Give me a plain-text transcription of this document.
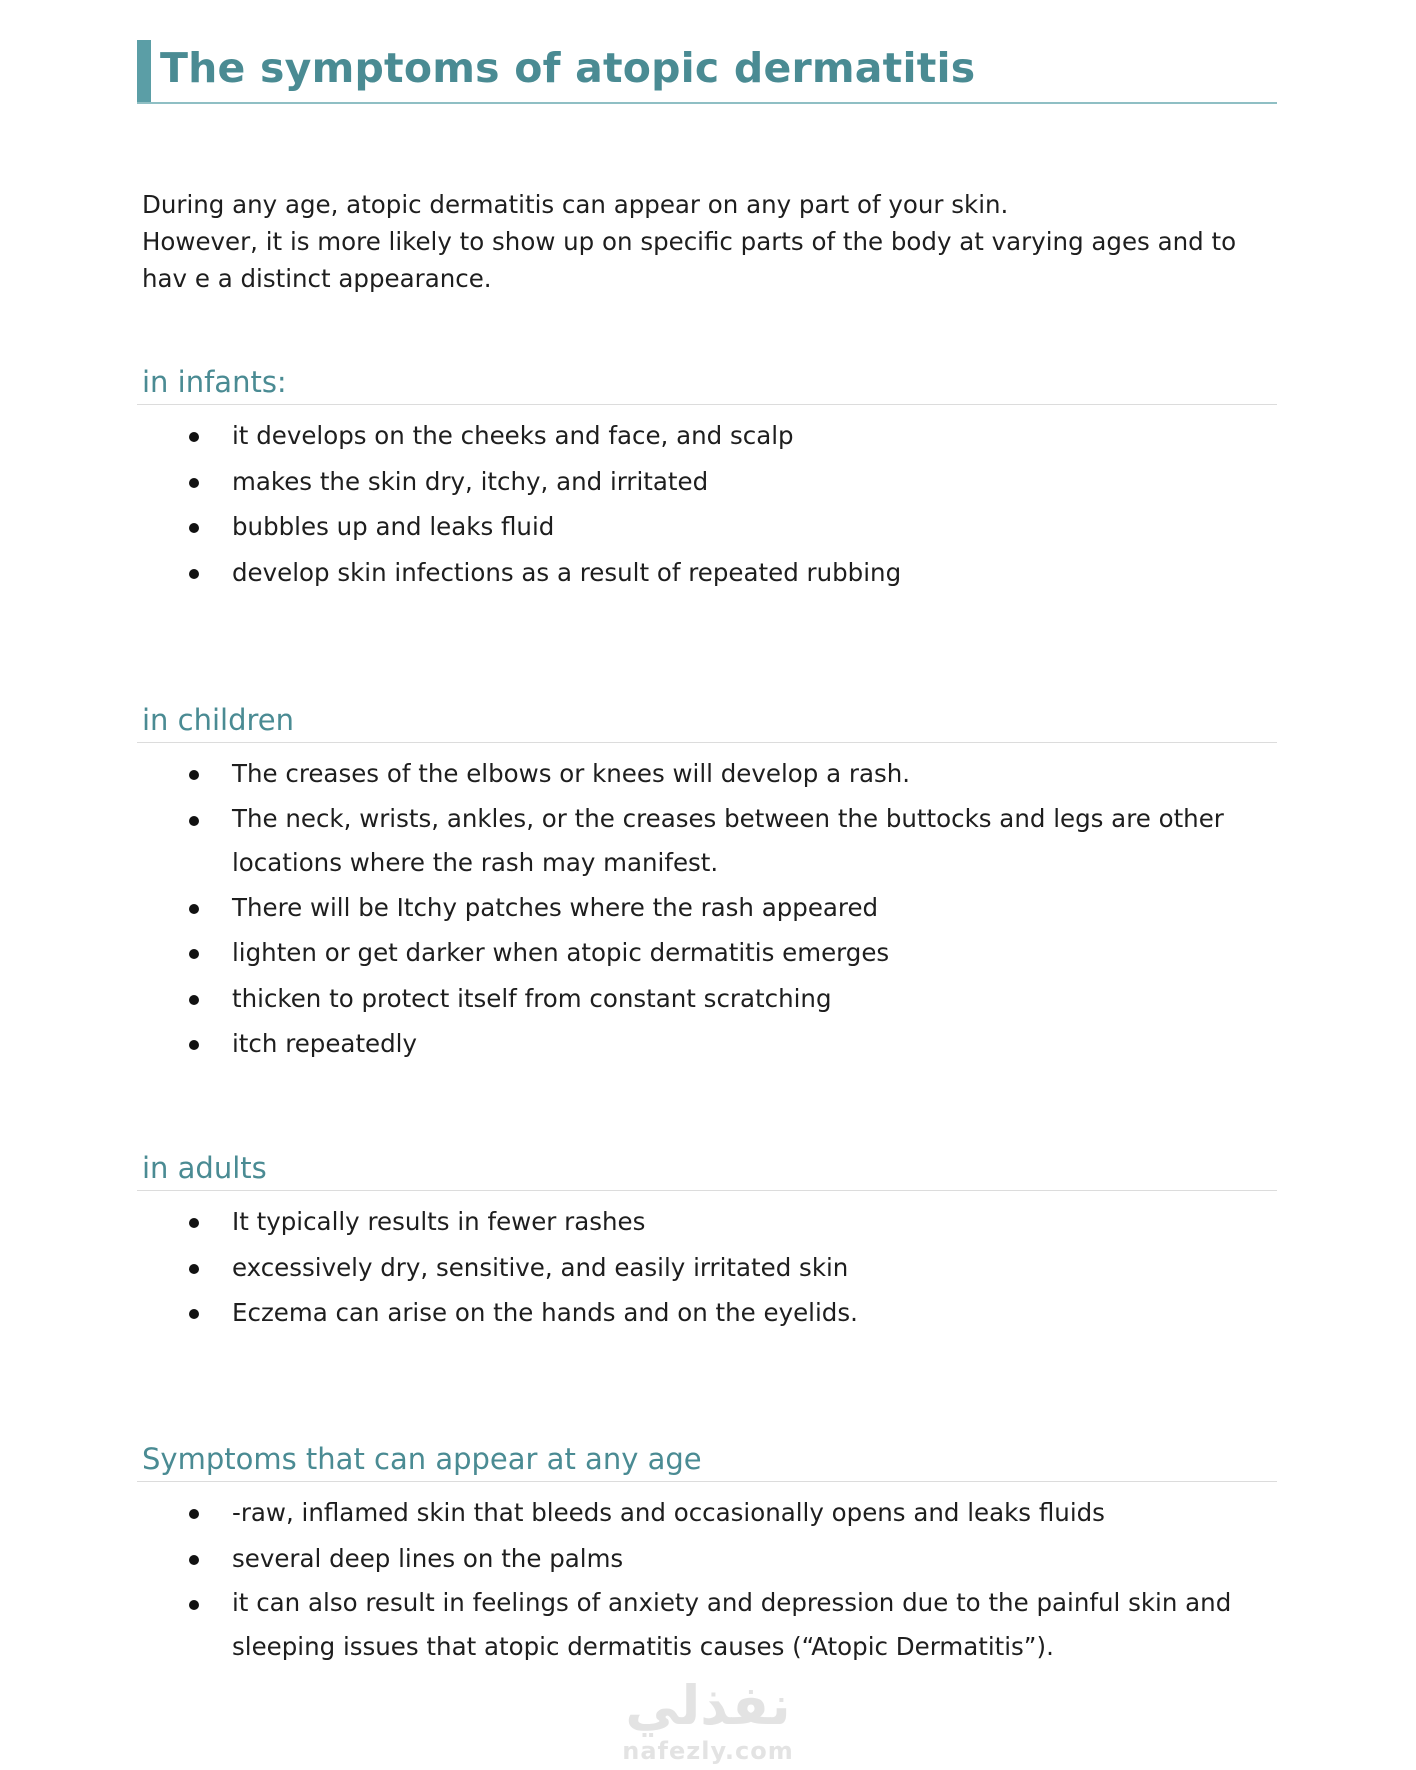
The symptoms of atopic dermatitis

During any age, atopic dermatitis can appear on any part of your skin.

However, it is more likely to show up on specific parts of the body at varying ages and to hav e a distinct appearance.

in infants:
it develops on the cheeks and face, and scalp
makes the skin dry, itchy, and irritated
bubbles up and leaks fluid
develop skin infections as a result of repeated rubbing
in children
The creases of the elbows or knees will develop a rash.
The neck, wrists, ankles, or the creases between the buttocks and legs are other locations where the rash may manifest.
There will be Itchy patches where the rash appeared
lighten or get darker when atopic dermatitis emerges
thicken to protect itself from constant scratching
itch repeatedly
in adults
It typically results in fewer rashes
excessively dry, sensitive, and easily irritated skin
Eczema can arise on the hands and on the eyelids.
Symptoms that can appear at any age
-raw, inflamed skin that bleeds and occasionally opens and leaks fluids
several deep lines on the palms
it can also result in feelings of anxiety and depression due to the painful skin and sleeping issues that atopic dermatitis causes (“Atopic Dermatitis”).
نفذلي
nafezly.com
